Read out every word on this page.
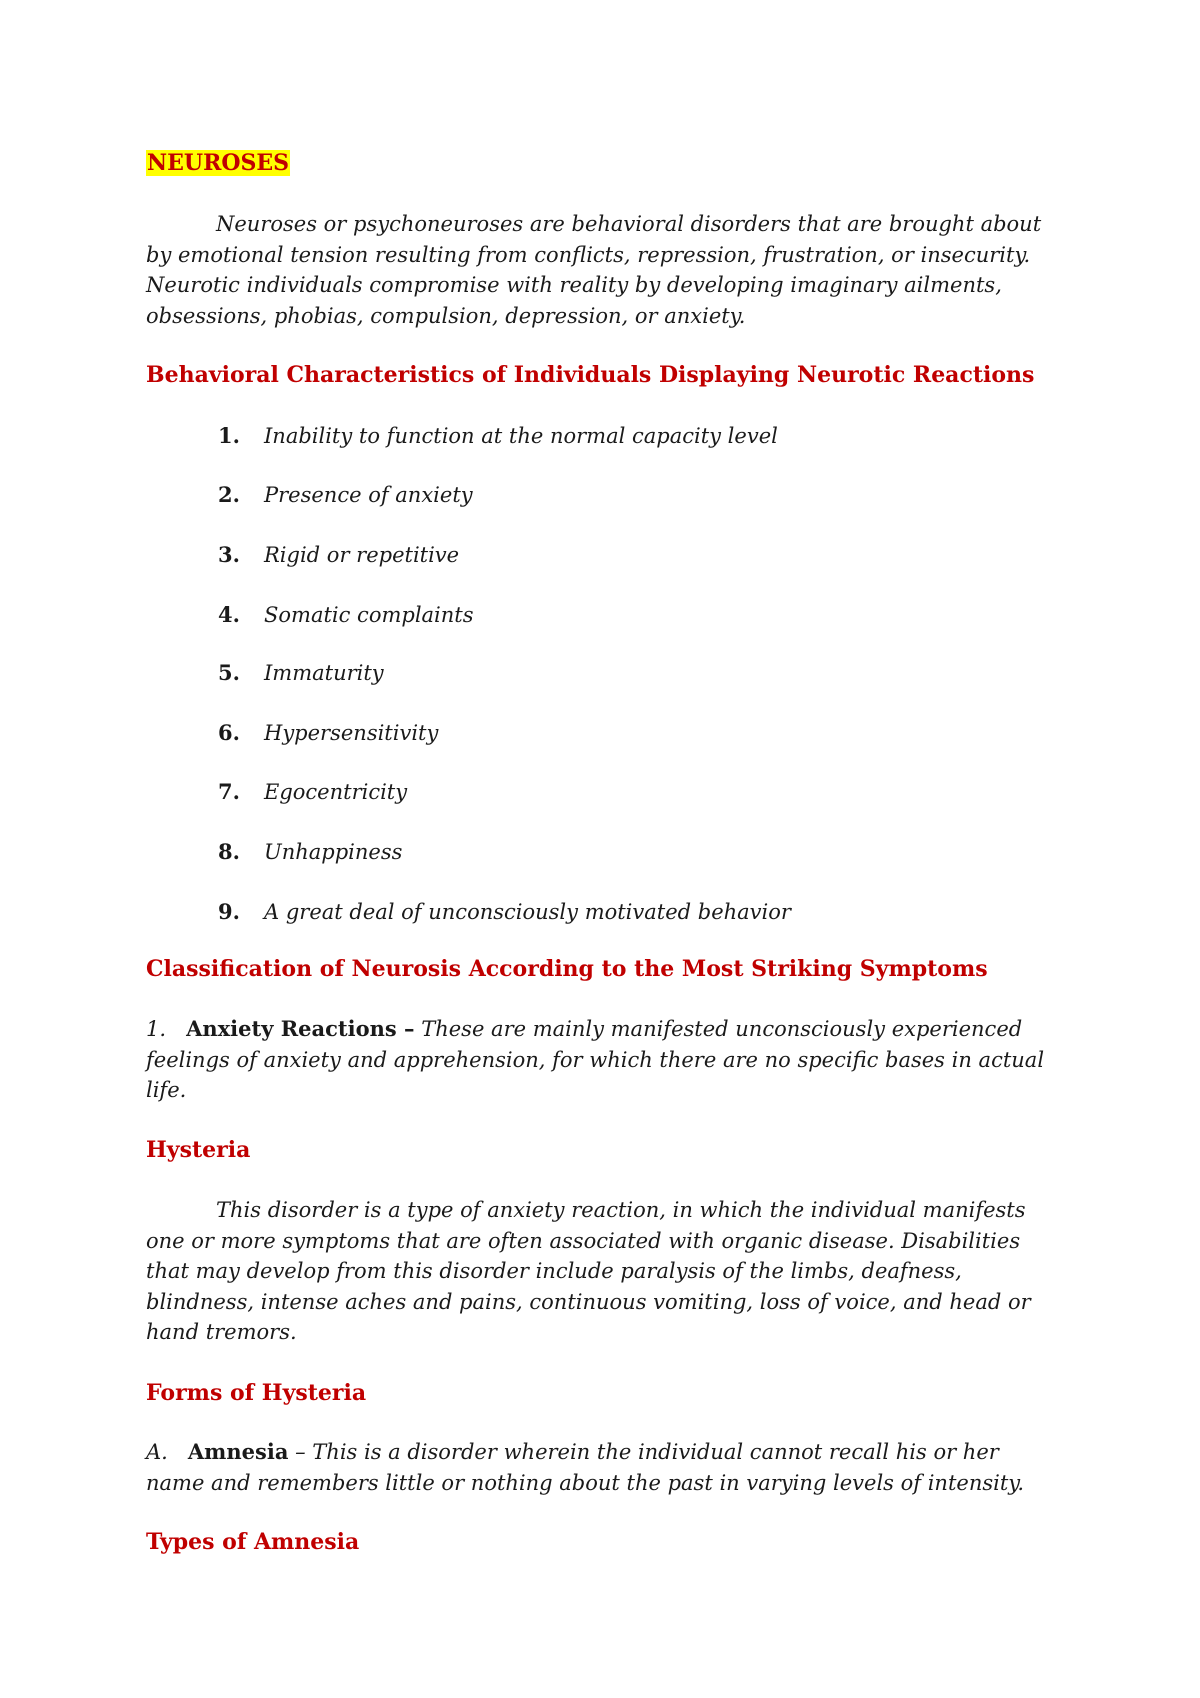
NEUROSES
Neuroses or psychoneuroses are behavioral disorders that are brought about by emotional tension resulting from conflicts, repression, frustration, or insecurity. Neurotic individuals compromise with reality by developing imaginary ailments, obsessions, phobias, compulsion, depression, or anxiety.
Behavioral Characteristics of Individuals Displaying Neurotic Reactions
1. Inability to function at the normal capacity level
2. Presence of anxiety
3. Rigid or repetitive
4. Somatic complaints
5. Immaturity
6. Hypersensitivity
7. Egocentricity
8. Unhappiness
9. A great deal of unconsciously motivated behavior
Classification of Neurosis According to the Most Striking Symptoms
1. Anxiety Reactions – These are mainly manifested unconsciously experienced feelings of anxiety and apprehension, for which there are no specific bases in actual life.
Hysteria
This disorder is a type of anxiety reaction, in which the individual manifests one or more symptoms that are often associated with organic disease. Disabilities that may develop from this disorder include paralysis of the limbs, deafness, blindness, intense aches and pains, continuous vomiting, loss of voice, and head or hand tremors.
Forms of Hysteria
A. Amnesia – This is a disorder wherein the individual cannot recall his or her name and remembers little or nothing about the past in varying levels of intensity.
Types of Amnesia
